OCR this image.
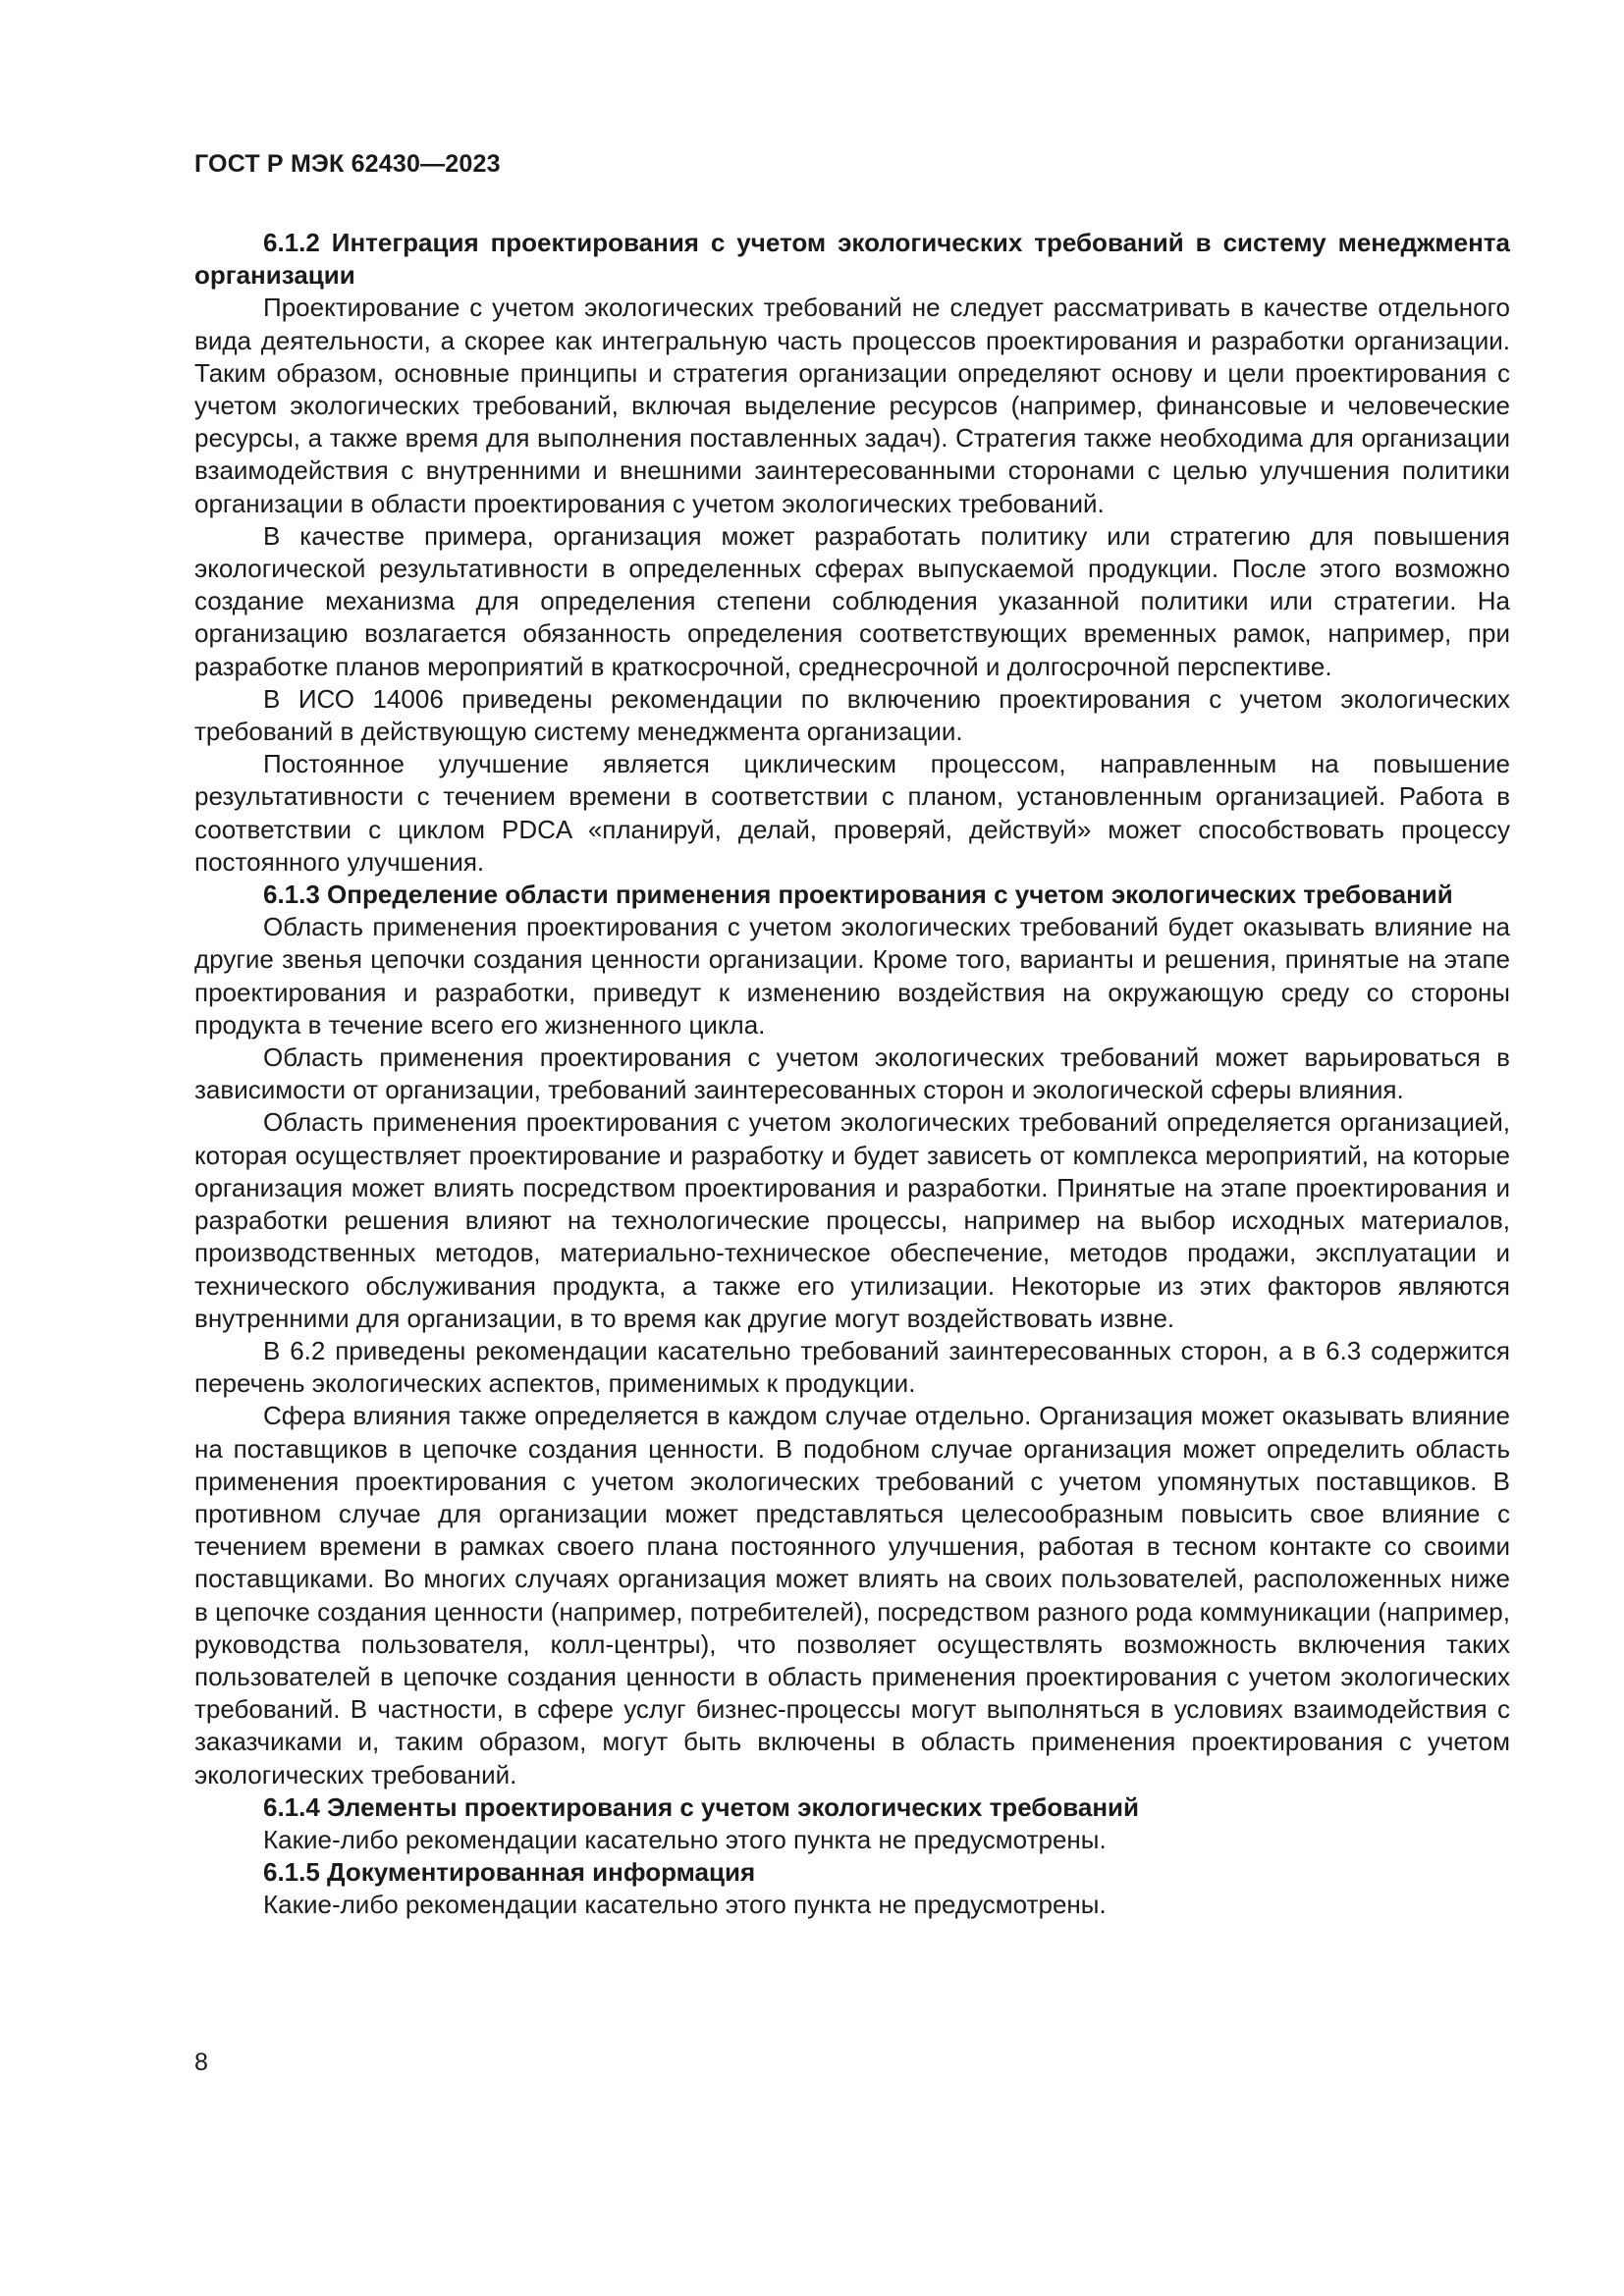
ГОСТ Р МЭК 62430—2023

6.1.2 Интеграция проектирования с учетом экологических требований в систему менеджмента организации

Проектирование с учетом экологических требований не следует рассматривать в качестве отдельного вида деятельности, а скорее как интегральную часть процессов проектирования и разработки организации. Таким образом, основные принципы и стратегия организации определяют основу и цели проектирования с учетом экологических требований, включая выделение ресурсов (например, финансовые и человеческие ресурсы, а также время для выполнения поставленных задач). Стратегия также необходима для организации взаимодействия с внутренними и внешними заинтересованными сторонами с целью улучшения политики организации в области проектирования с учетом экологических требований.

В качестве примера, организация может разработать политику или стратегию для повышения экологической результативности в определенных сферах выпускаемой продукции. После этого возможно создание механизма для определения степени соблюдения указанной политики или стратегии. На организацию возлагается обязанность определения соответствующих временных рамок, например, при разработке планов мероприятий в краткосрочной, среднесрочной и долгосрочной перспективе.

В ИСО 14006 приведены рекомендации по включению проектирования с учетом экологических требований в действующую систему менеджмента организации.

Постоянное улучшение является циклическим процессом, направленным на повышение результативности с течением времени в соответствии с планом, установленным организацией. Работа в соответствии с циклом PDCA «планируй, делай, проверяй, действуй» может способствовать процессу постоянного улучшения.

6.1.3 Определение области применения проектирования с учетом экологических требований

Область применения проектирования с учетом экологических требований будет оказывать влияние на другие звенья цепочки создания ценности организации. Кроме того, варианты и решения, принятые на этапе проектирования и разработки, приведут к изменению воздействия на окружающую среду со стороны продукта в течение всего его жизненного цикла.

Область применения проектирования с учетом экологических требований может варьироваться в зависимости от организации, требований заинтересованных сторон и экологической сферы влияния.

Область применения проектирования с учетом экологических требований определяется организацией, которая осуществляет проектирование и разработку и будет зависеть от комплекса мероприятий, на которые организация может влиять посредством проектирования и разработки. Принятые на этапе проектирования и разработки решения влияют на технологические процессы, например на выбор исходных материалов, производственных методов, материально-техническое обеспечение, методов продажи, эксплуатации и технического обслуживания продукта, а также его утилизации. Некоторые из этих факторов являются внутренними для организации, в то время как другие могут воздействовать извне.

В 6.2 приведены рекомендации касательно требований заинтересованных сторон, а в 6.3 содержится перечень экологических аспектов, применимых к продукции.

Сфера влияния также определяется в каждом случае отдельно. Организация может оказывать влияние на поставщиков в цепочке создания ценности. В подобном случае организация может определить область применения проектирования с учетом экологических требований с учетом упомянутых поставщиков. В противном случае для организации может представляться целесообразным повысить свое влияние с течением времени в рамках своего плана постоянного улучшения, работая в тесном контакте со своими поставщиками. Во многих случаях организация может влиять на своих пользователей, расположенных ниже в цепочке создания ценности (например, потребителей), посредством разного рода коммуникации (например, руководства пользователя, колл-центры), что позволяет осуществлять возможность включения таких пользователей в цепочке создания ценности в область применения проектирования с учетом экологических требований. В частности, в сфере услуг бизнес-процессы могут выполняться в условиях взаимодействия с заказчиками и, таким образом, могут быть включены в область применения проектирования с учетом экологических требований.

6.1.4 Элементы проектирования с учетом экологических требований

Какие-либо рекомендации касательно этого пункта не предусмотрены.

6.1.5 Документированная информация

Какие-либо рекомендации касательно этого пункта не предусмотрены.

8
